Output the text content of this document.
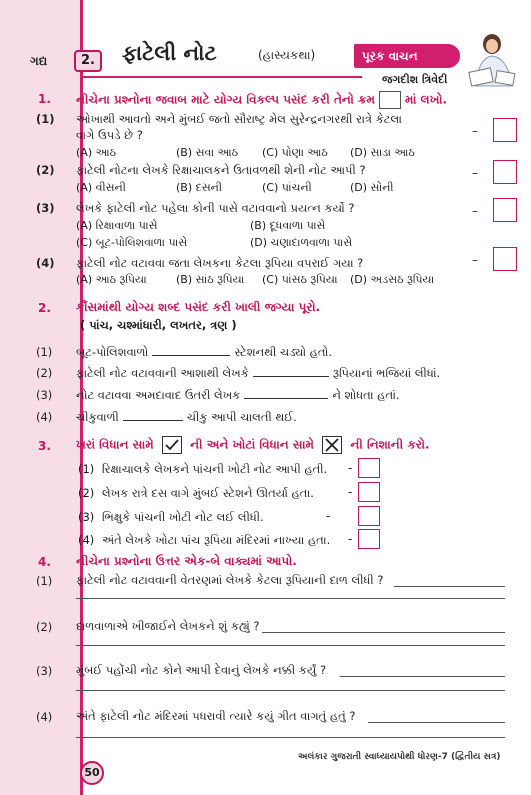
ગદ્ય	2.	ફાટેલી નોટ	(હાસ્યકથા)	પૂરક વાચન
જગદીશ ત્રિવેદી
1. નીચેના પ્રશ્નોના જવાબ માટે યોગ્ય વિકલ્પ પસંદ કરી તેનો ક્રમ	માં લખો.
(1) ઓખાથી આવતો અને મુંબઈ જતો સૌરાષ્ટ્ર મેલ સુરેન્દ્રનગરથી રાત્રે કેટલા
વાગે ઉપડે છે ?
(A) આઠ	(B) સવા આઠ (C) પોણા આઠ (D) સાડા આઠ
–
(2) ફાટેલી નોટના લેખકે રિક્ષાચાલકને ઉતાવળથી શેની નોટ આપી ?
(A) વીસની	(B) દસની	(C) પાંચની	(D) સોની
–
(3) લેખકે ફાટેલી નોટ પહેલા કોની પાસે વટાવવાનો પ્રયત્ન કર્યો ?
(A) રિક્ષાવાળા પાસે	(B) દૂધવાળા પાસે
(C) બૂટ-પોલિશવાળા પાસે	(D) ચણાદાળવાળા પાસે
–
(4) ફાટેલી નોટ વટાવવા જતા લેખકના કેટલા રૂપિયા વપરાઈ ગયા ?
(A) આઠ રૂપિયા	(B) સાંઠ રૂપિયા (C) પાંસઠ રૂપિયા (D) અડસઠ રૂપિયા
–
2. કૌંસમાંથી યોગ્ય શબ્દ પસંદ કરી ખાલી જગ્યા પૂરો.
( પાંચ, ચશ્માંધારી, લખતર, ત્રણ )
(1) બૂટ-પોલિશવાળો	સ્ટેશનથી ચડ્યો હતો.
(2) ફાટેલી નોટ વટાવવાની આશાથી લેખકે	રૂપિયાનાં ભજિયાં લીધાં.
(3) નોટ વટાવવા અમદાવાદ ઉતરી લેખક	ને શોધતા હતાં.
(4) ચીકુવાળી	ચીકુ આપી ચાલતી થઈ.
3. ખરાં વિધાન સામે	ની અને ખોટાં વિધાન સામે	ની નિશાની કરો.
(1) રિક્ષાચાલકે લેખકને પાંચની ખોટી નોટ આપી હતી. -
(2) લેખક રાત્રે દસ વાગે મુંબઈ સ્ટેશને ઊતર્યા હતા.	-
(3) ભિક્ષુકે પાંચની ખોટી નોટ લઈ લીધી.	-
(4) અંતે લેખકે ખોટા પાંચ રૂપિયા મંદિરમાં નાખ્યા હતા. -
4. નીચેના પ્રશ્નોના ઉત્તર એક-બે વાક્યમાં આપો.
(1) ફાટેલી નોટ વટાવવાની વેતરણમાં લેખકે કેટલા રૂપિયાની દાળ લીધી ?
(2) દાળવાળાએ ખીજાઈને લેખકને શું કહ્યું ?
(3) મુંબઈ પહોંચી નોટ કોને આપી દેવાનું લેખકે નક્કી કર્યું ?
(4) અંતે ફાટેલી નોટ મંદિરમાં પધરાવી ત્યારે કયું ગીત વાગતું હતું ?
અલંકાર ગુજરાતી સ્વાધ્યાયપોથી ધોરણ-7 (દ્વિતીય સત્ર)
50
